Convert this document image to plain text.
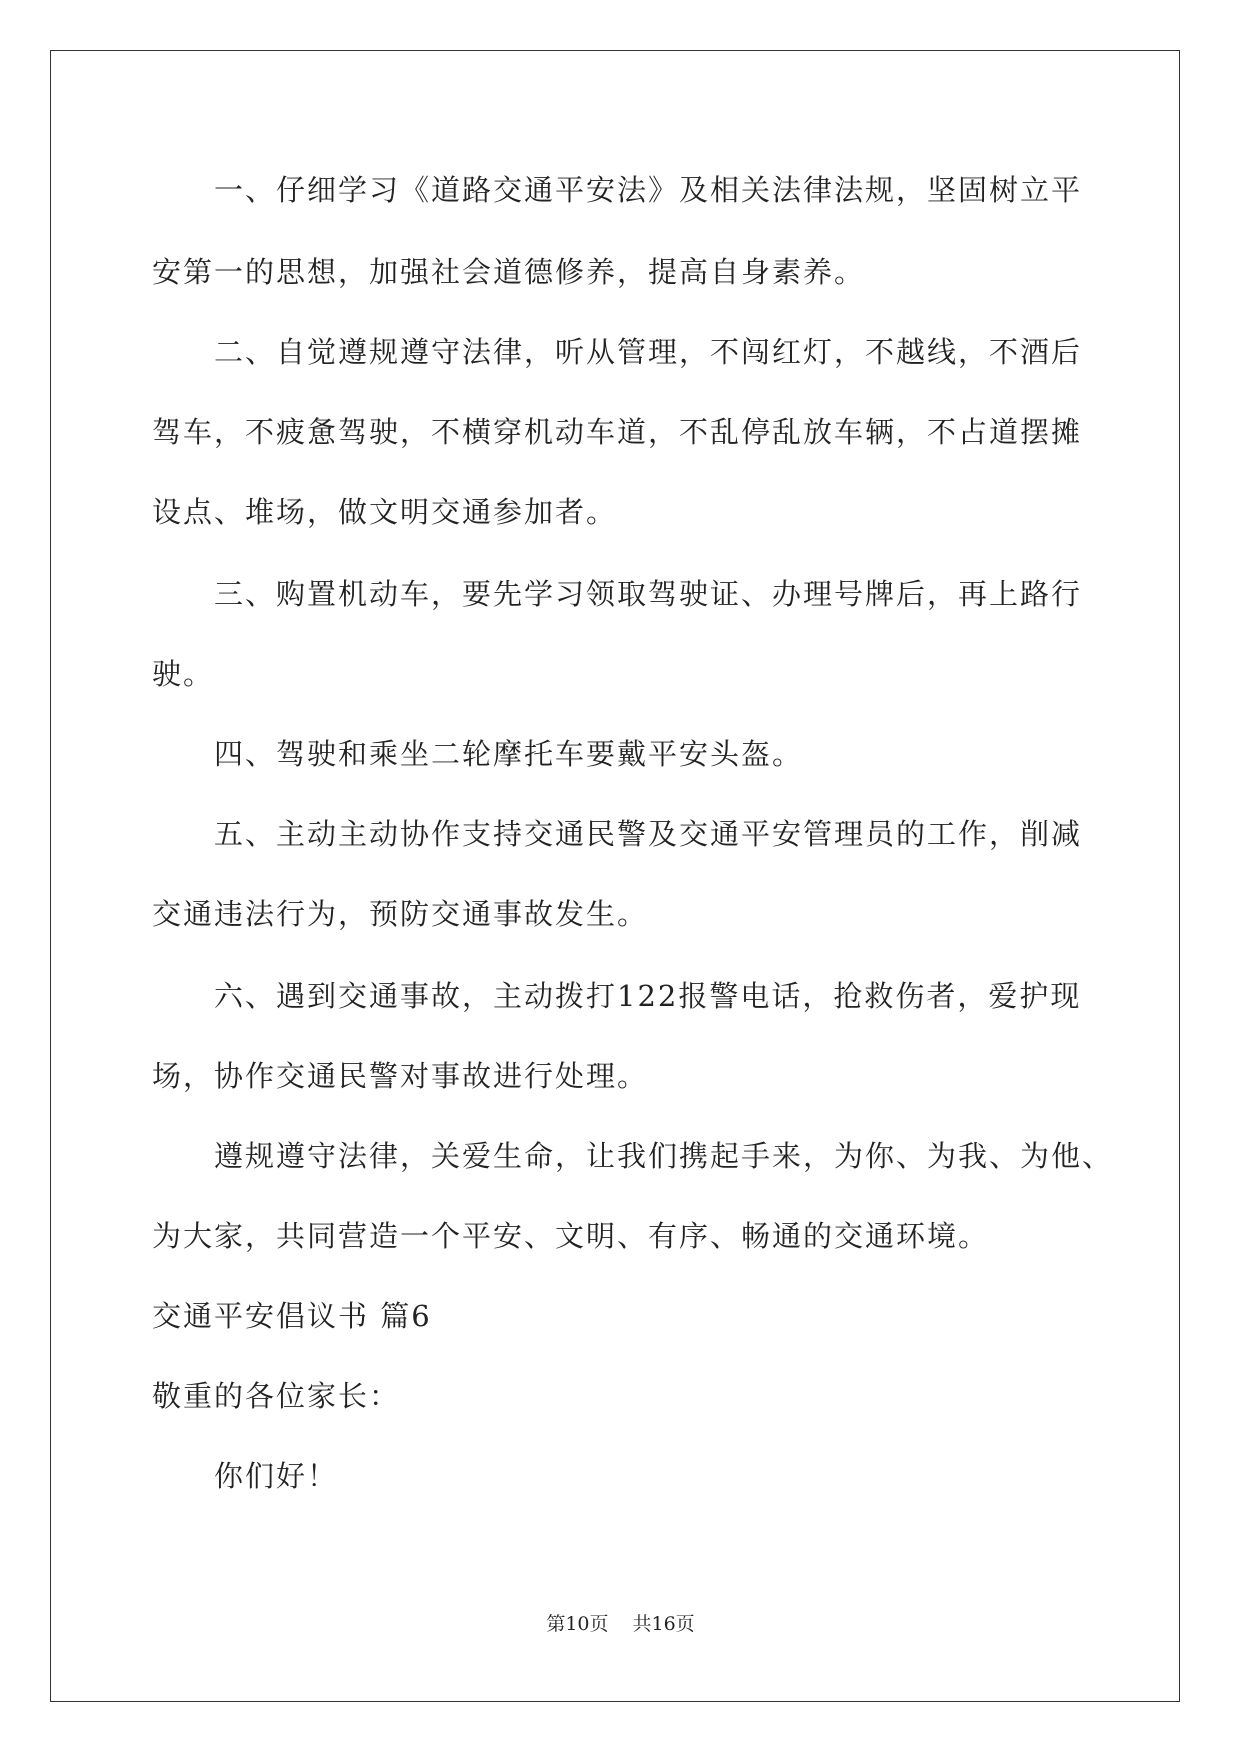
一、仔细学习《道路交通平安法》及相关法律法规，坚固树立平
安第一的思想，加强社会道德修养，提高自身素养。
二、自觉遵规遵守法律，听从管理，不闯红灯，不越线，不酒后
驾车，不疲惫驾驶，不横穿机动车道，不乱停乱放车辆，不占道摆摊
设点、堆场，做文明交通参加者。
三、购置机动车，要先学习领取驾驶证、办理号牌后，再上路行
驶。
四、驾驶和乘坐二轮摩托车要戴平安头盔。
五、主动主动协作支持交通民警及交通平安管理员的工作，削减
交通违法行为，预防交通事故发生。
六、遇到交通事故，主动拨打122报警电话，抢救伤者，爱护现
场，协作交通民警对事故进行处理。
遵规遵守法律，关爱生命，让我们携起手来，为你、为我、为他、
为大家，共同营造一个平安、文明、有序、畅通的交通环境。
交通平安倡议书 篇6
敬重的各位家长：
你们好！
第10页 共16页
